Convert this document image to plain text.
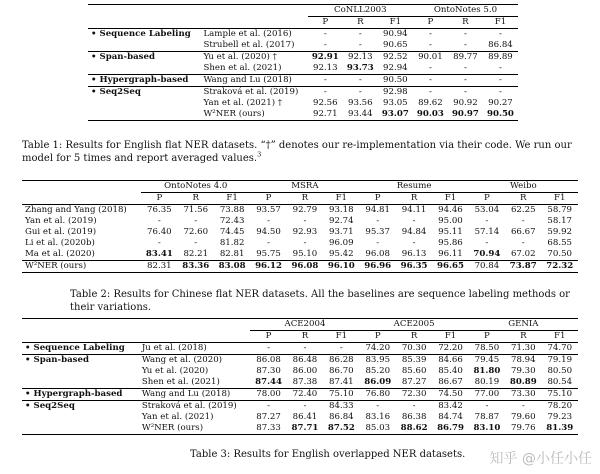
		CoNLL2003			OntoNotes 5.0		
		P	R	F1	P	R	F1
• Sequence Labeling	Lample et al. (2016)	-	-	90.94	-	-	-
	Strubell et al. (2017)	-	-	90.65	-	-	86.84
• Span-based	Yu et al. (2020) †	92.91	92.13	92.52	90.01	89.77	89.89
	Shen et al. (2021)	92.13	93.73	92.94	-	-	-
• Hypergraph-based	Wang and Lu (2018)	-	-	90.50	-	-	-
• Seq2Seq	Straková et al. (2019)	-	-	92.98	-	-	-
	Yan et al. (2021) †	92.56	93.56	93.05	89.62	90.92	90.27
	W²NER (ours)	92.71	93.44	93.07	90.03	90.97	90.50
Table 1: Results for English flat NER datasets. “†” denotes our re-implementation via their code. We run our model for 5 times and report averaged values.$^3$
	OntoNotes 4.0			MSRA			Resume			Weibo		
	P	R	F1	P	R	F1	P	R	F1	P	R	F1
Zhang and Yang (2018)	76.35	71.56	73.88	93.57	92.79	93.18	94.81	94.11	94.46	53.04	62.25	58.79
Yan et al. (2019)	-	-	72.43	-	-	92.74	-	-	95.00	-	-	58.17
Gui et al. (2019)	76.40	72.60	74.45	94.50	92.93	93.71	95.37	94.84	95.11	57.14	66.67	59.92
Li et al. (2020b)	-	-	81.82	-	-	96.09	-	-	95.86	-	-	68.55
Ma et al. (2020)	83.41	82.21	82.81	95.75	95.10	95.42	96.08	96.13	96.11	70.94	67.02	70.50
W²NER (ours)	82.31	83.36	83.08	96.12	96.08	96.10	96.96	96.35	96.65	70.84	73.87	72.32
Table 2: Results for Chinese flat NER datasets. All the baselines are sequence labeling methods or their variations.
		ACE2004			ACE2005			GENIA		
		P	R	F1	P	R	F1	P	R	F1
• Sequence Labeling	Ju et al. (2018)	-	-	-	74.20	70.30	72.20	78.50	71.30	74.70
• Span-based	Wang et al. (2020)	86.08	86.48	86.28	83.95	85.39	84.66	79.45	78.94	79.19
	Yu et al. (2020)	87.30	86.00	86.70	85.20	85.60	85.40	81.80	79.30	80.50
	Shen et al. (2021)	87.44	87.38	87.41	86.09	87.27	86.67	80.19	80.89	80.54
• Hypergraph-based	Wang and Lu (2018)	78.00	72.40	75.10	76.80	72.30	74.50	77.00	73.30	75.10
• Seq2Seq	Straková et al. (2019)	-	-	84.33	-	-	83.42	-	-	78.20
	Yan et al. (2021)	87.27	86.41	86.84	83.16	86.38	84.74	78.87	79.60	79.23
	W²NER (ours)	87.33	87.71	87.52	85.03	88.62	86.79	83.10	79.76	81.39
Table 3: Results for English overlapped NER datasets.	知乎 @小任小任
